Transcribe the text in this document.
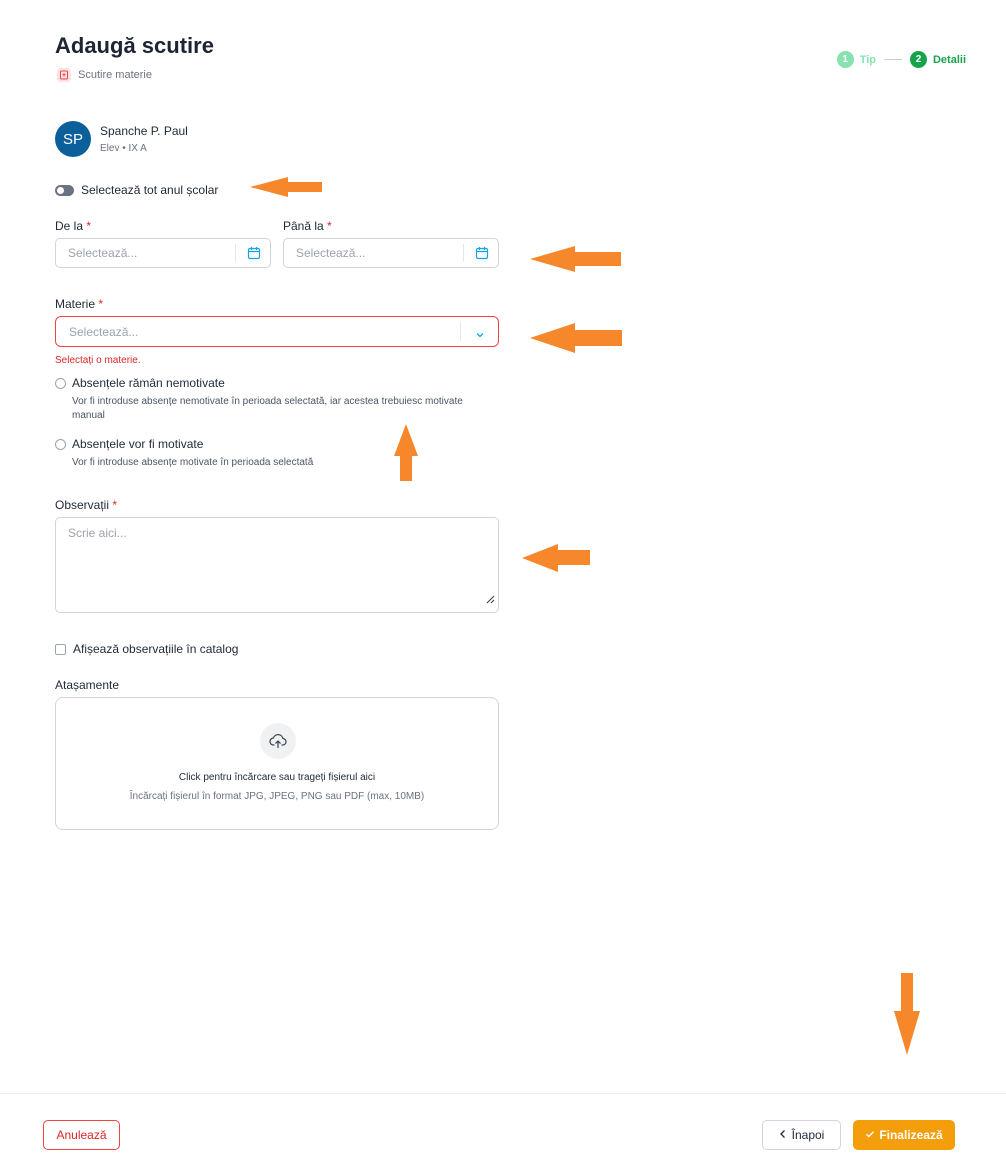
Adaugă scutire
Scutire materie
1	Tip	2	Detalii
SP	Spanche P. Paul
Elev • IX A
Selectează tot anul școlar
De la *
Selectează...	Până la *
Selectează...
Materie *
Selectează...
Selectați o materie.
Absențele rămân nemotivate
Vor fi introduse absențe nemotivate în perioada selectată, iar acestea trebuiesc motivate manual
Absențele vor fi motivate
Vor fi introduse absențe motivate în perioada selectată
Observații *
Scrie aici...
Afișează observațiile în catalog
Atașamente
Click pentru încărcare sau trageți fișierul aici
Încărcați fișierul în format JPG, JPEG, PNG sau PDF (max, 10MB)
Anulează	Înapoi	Finalizează
